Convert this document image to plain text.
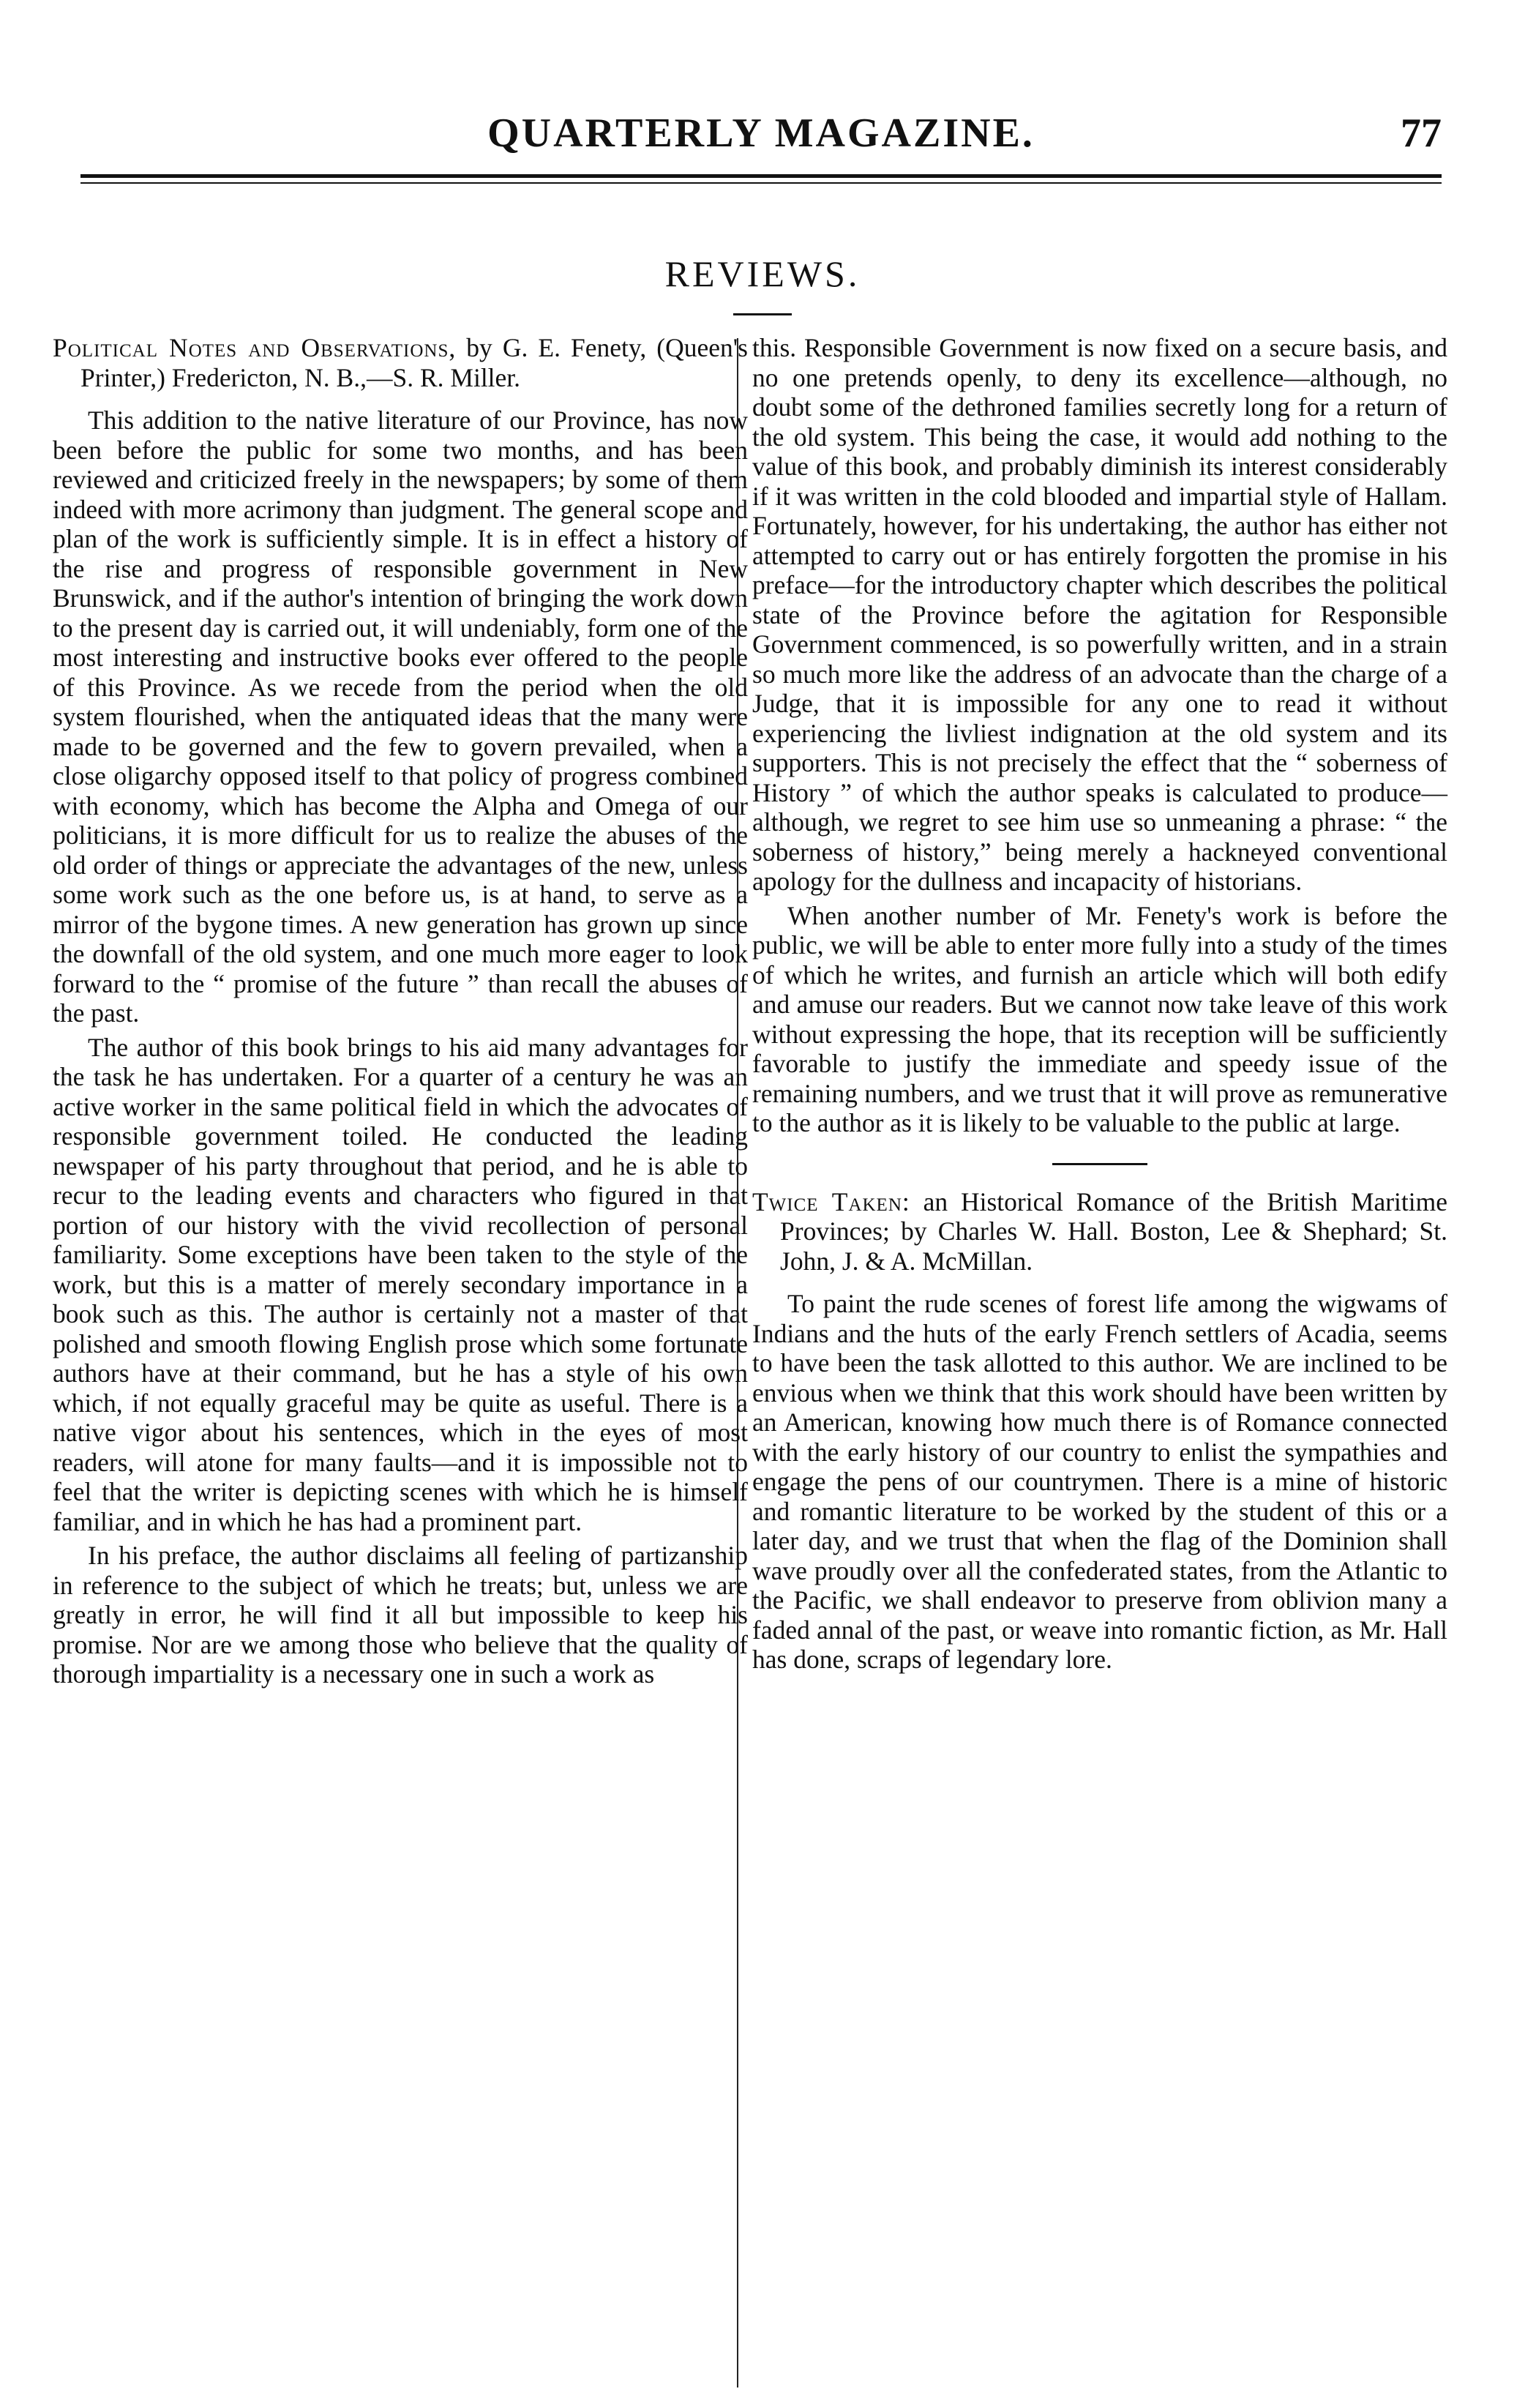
QUARTERLY MAGAZINE.	77
REVIEWS.
Political Notes and Observations, by G. E. Fenety, (Queen's Printer,) Fredericton, N. B.,—S. R. Miller.

This addition to the native literature of our Province, has now been before the public for some two months, and has been reviewed and criticized freely in the newspapers; by some of them indeed with more acrimony than judgment. The general scope and plan of the work is sufficiently simple. It is in effect a history of the rise and progress of responsible government in New Brunswick, and if the author's intention of bringing the work down to the present day is carried out, it will undeniably, form one of the most interesting and instructive books ever offered to the people of this Province. As we recede from the period when the old system flourished, when the antiquated ideas that the many were made to be governed and the few to govern prevailed, when a close oligarchy opposed itself to that policy of progress combined with economy, which has become the Alpha and Omega of our politicians, it is more difficult for us to realize the abuses of the old order of things or appreciate the advantages of the new, unless some work such as the one before us, is at hand, to serve as a mirror of the bygone times. A new generation has grown up since the downfall of the old system, and one much more eager to look forward to the “ promise of the future ” than recall the abuses of the past.

The author of this book brings to his aid many advantages for the task he has undertaken. For a quarter of a century he was an active worker in the same political field in which the advocates of responsible government toiled. He conducted the leading newspaper of his party throughout that period, and he is able to recur to the leading events and characters who figured in that portion of our history with the vivid recollection of personal familiarity. Some exceptions have been taken to the style of the work, but this is a matter of merely secondary importance in a book such as this. The author is certainly not a master of that polished and smooth flowing English prose which some fortunate authors have at their command, but he has a style of his own which, if not equally graceful may be quite as useful. There is a native vigor about his sentences, which in the eyes of most readers, will atone for many faults—and it is impossible not to feel that the writer is depicting scenes with which he is himself familiar, and in which he has had a prominent part.

In his preface, the author disclaims all feeling of partizanship in reference to the subject of which he treats; but, unless we are greatly in error, he will find it all but impossible to keep his promise. Nor are we among those who believe that the quality of thorough impartiality is a necessary one in such a work as

this. Responsible Government is now fixed on a secure basis, and no one pretends openly, to deny its excellence—although, no doubt some of the dethroned families secretly long for a return of the old system. This being the case, it would add nothing to the value of this book, and probably diminish its interest considerably if it was written in the cold blooded and impartial style of Hallam. Fortunately, however, for his undertaking, the author has either not attempted to carry out or has entirely forgotten the promise in his preface—for the introductory chapter which describes the political state of the Province before the agitation for Responsible Government commenced, is so powerfully written, and in a strain so much more like the address of an advocate than the charge of a Judge, that it is impossible for any one to read it without experiencing the livliest indignation at the old system and its supporters. This is not precisely the effect that the “ soberness of History ” of which the author speaks is calculated to produce—although, we regret to see him use so unmeaning a phrase: “ the soberness of history,” being merely a hackneyed conventional apology for the dullness and incapacity of historians.

When another number of Mr. Fenety's work is before the public, we will be able to enter more fully into a study of the times of which he writes, and furnish an article which will both edify and amuse our readers. But we cannot now take leave of this work without expressing the hope, that its reception will be sufficiently favorable to justify the immediate and speedy issue of the remaining numbers, and we trust that it will prove as remunerative to the author as it is likely to be valuable to the public at large.

Twice Taken: an Historical Romance of the British Maritime Provinces; by Charles W. Hall. Boston, Lee & Shephard; St. John, J. & A. McMillan.

To paint the rude scenes of forest life among the wigwams of Indians and the huts of the early French settlers of Acadia, seems to have been the task allotted to this author. We are inclined to be envious when we think that this work should have been written by an American, knowing how much there is of Romance connected with the early history of our country to enlist the sympathies and engage the pens of our countrymen. There is a mine of historic and romantic literature to be worked by the student of this or a later day, and we trust that when the flag of the Dominion shall wave proudly over all the confederated states, from the Atlantic to the Pacific, we shall endeavor to preserve from oblivion many a faded annal of the past, or weave into romantic fiction, as Mr. Hall has done, scraps of legendary lore.
